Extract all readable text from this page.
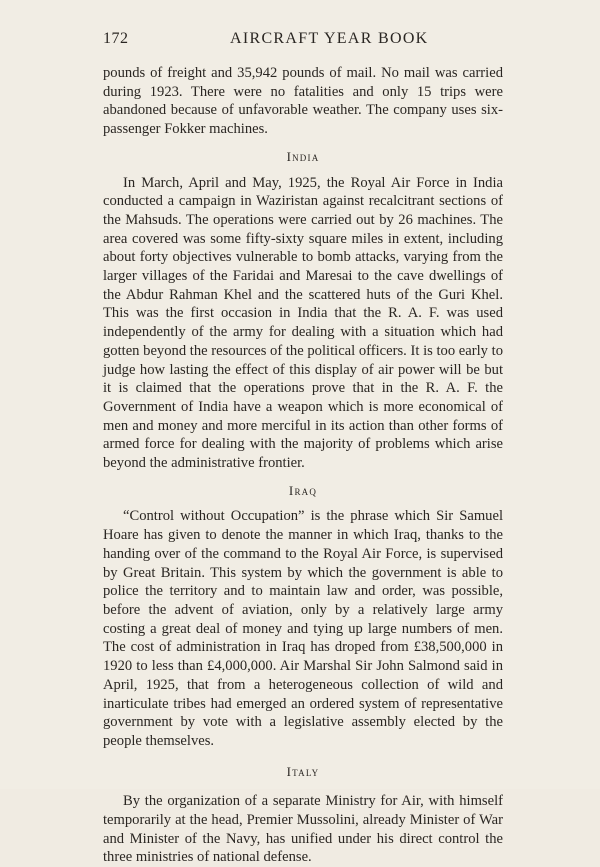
172	AIRCRAFT YEAR BOOK

pounds of freight and 35,942 pounds of mail. No mail was carried during 1923. There were no fatalities and only 15 trips were abandoned because of unfavorable weather. The company uses six-passenger Fokker machines.

India

In March, April and May, 1925, the Royal Air Force in India conducted a campaign in Waziristan against recalcitrant sections of the Mahsuds. The operations were carried out by 26 machines. The area covered was some fifty-sixty square miles in extent, including about forty objectives vulnerable to bomb attacks, varying from the larger villages of the Faridai and Maresai to the cave dwellings of the Abdur Rahman Khel and the scattered huts of the Guri Khel. This was the first occasion in India that the R. A. F. was used independently of the army for dealing with a situation which had gotten beyond the resources of the political officers. It is too early to judge how lasting the effect of this display of air power will be but it is claimed that the operations prove that in the R. A. F. the Government of India have a weapon which is more economical of men and money and more merciful in its action than other forms of armed force for dealing with the majority of problems which arise beyond the administrative frontier.

Iraq

“Control without Occupation” is the phrase which Sir Samuel Hoare has given to denote the manner in which Iraq, thanks to the handing over of the command to the Royal Air Force, is supervised by Great Britain. This system by which the government is able to police the territory and to maintain law and order, was possible, before the advent of aviation, only by a relatively large army costing a great deal of money and tying up large numbers of men. The cost of administration in Iraq has droped from £38,500,000 in 1920 to less than £4,000,000. Air Marshal Sir John Salmond said in April, 1925, that from a heterogeneous collection of wild and inarticulate tribes had emerged an ordered system of representative government by vote with a legislative assembly elected by the people themselves.

Italy

By the organization of a separate Ministry for Air, with himself temporarily at the head, Premier Mussolini, already Minister of War and Minister of the Navy, has unified under his direct control the three ministries of national defense.
